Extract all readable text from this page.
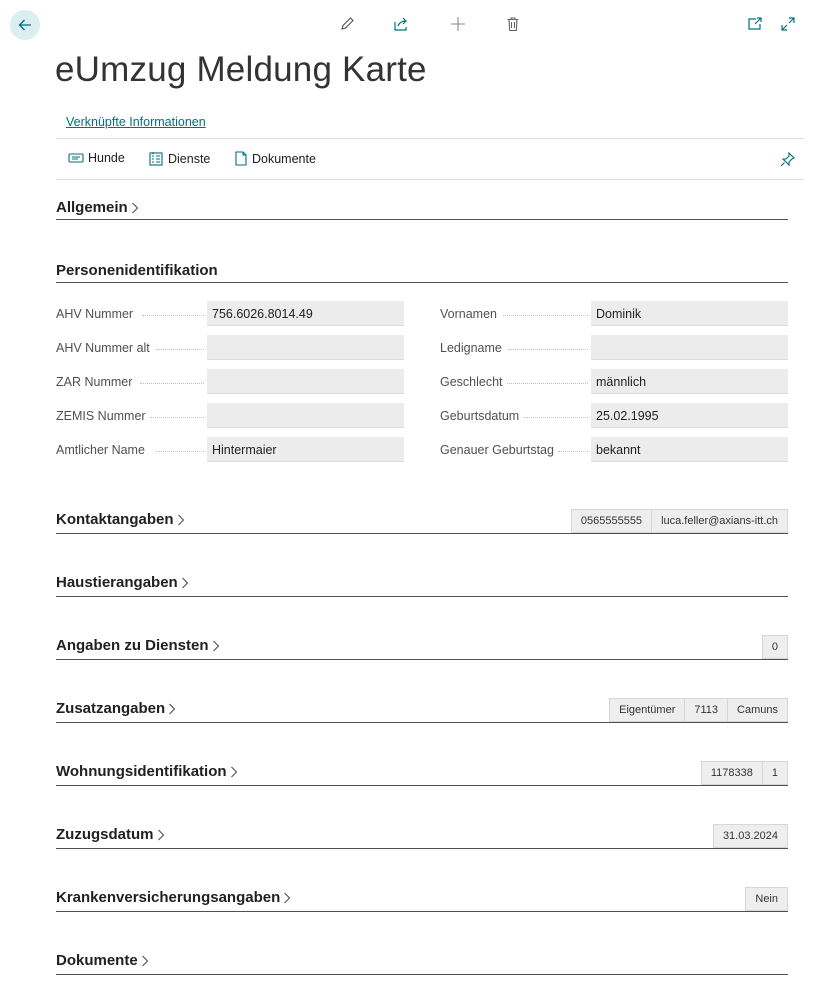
eUmzug Meldung Karte
Verknüpfte Informationen
Hunde	Dienste	Dokumente
Allgemein
Personenidentifikation
AHV Nummer	756.6026.8014.49
AHV Nummer alt
ZAR Nummer
ZEMIS Nummer
Amtlicher Name	Hintermaier
Vornamen	Dominik
Ledigname
Geschlecht	männlich
Geburtsdatum	25.02.1995
Genauer Geburtstag	bekannt
Kontaktangaben	0565555555	luca.feller@axians-itt.ch
Haustierangaben
Angaben zu Diensten	0
Zusatzangaben	Eigentümer	7113	Camuns
Wohnungsidentifikation	1178338	1
Zuzugsdatum	31.03.2024
Krankenversicherungsangaben	Nein
Dokumente
